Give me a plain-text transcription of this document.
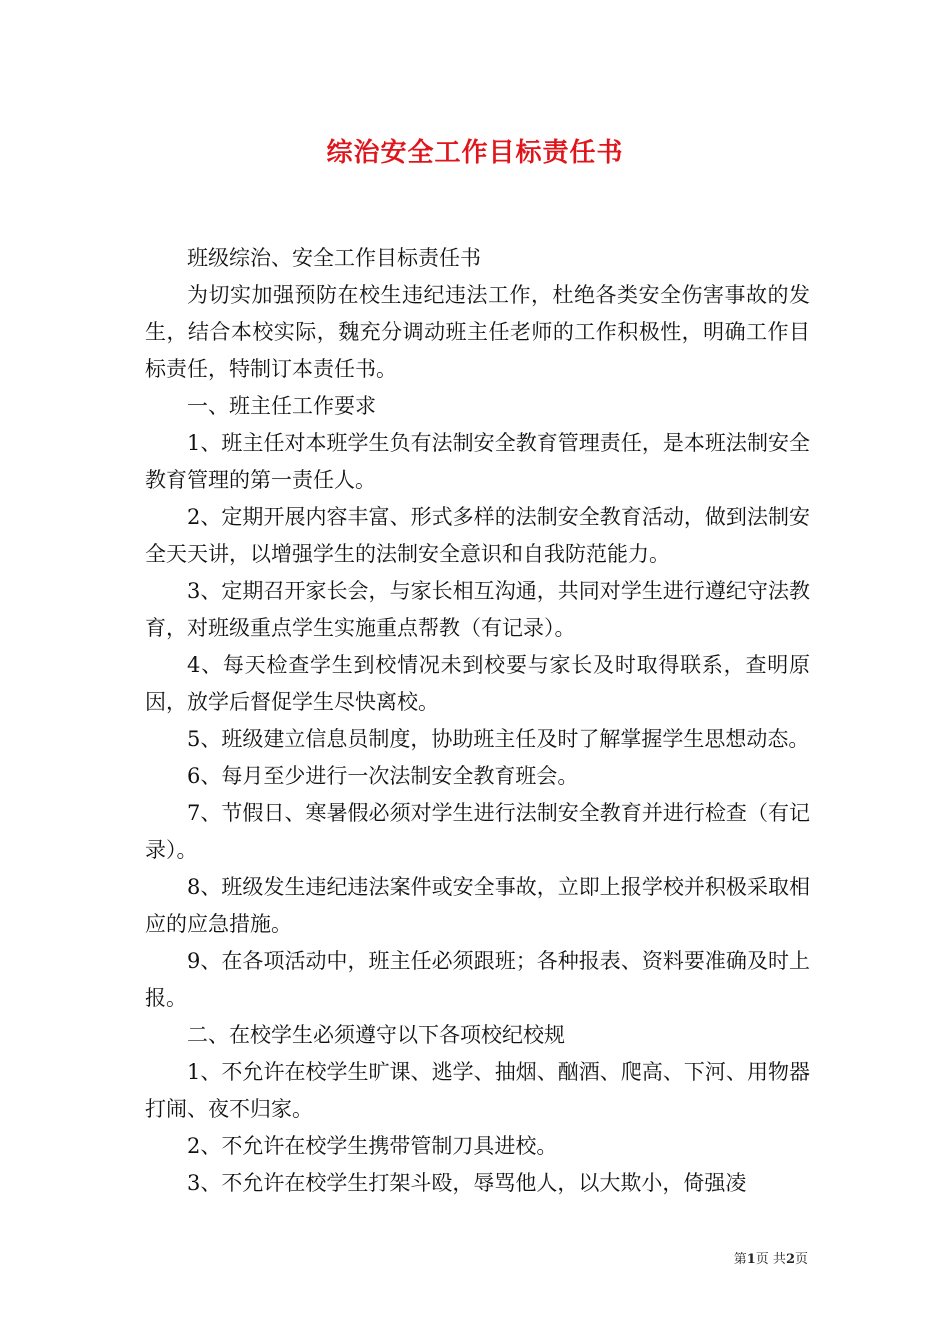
综治安全工作目标责任书

班级综治、安全工作目标责任书

为切实加强预防在校生违纪违法工作，杜绝各类安全伤害事故的发生，结合本校实际，魏充分调动班主任老师的工作积极性，明确工作目标责任，特制订本责任书。

一、班主任工作要求

1、班主任对本班学生负有法制安全教育管理责任，是本班法制安全教育管理的第一责任人。

2、定期开展内容丰富、形式多样的法制安全教育活动，做到法制安全天天讲，以增强学生的法制安全意识和自我防范能力。

3、定期召开家长会，与家长相互沟通，共同对学生进行遵纪守法教育，对班级重点学生实施重点帮教（有记录）。

4、每天检查学生到校情况未到校要与家长及时取得联系，查明原因，放学后督促学生尽快离校。

5、班级建立信息员制度，协助班主任及时了解掌握学生思想动态。

6、每月至少进行一次法制安全教育班会。

7、节假日、寒暑假必须对学生进行法制安全教育并进行检查（有记录）。

8、班级发生违纪违法案件或安全事故，立即上报学校并积极采取相应的应急措施。

9、在各项活动中，班主任必须跟班；各种报表、资料要准确及时上报。

二、在校学生必须遵守以下各项校纪校规

1、不允许在校学生旷课、逃学、抽烟、酗酒、爬高、下河、用物器打闹、夜不归家。

2、不允许在校学生携带管制刀具进校。

3、不允许在校学生打架斗殴，辱骂他人，以大欺小，倚强凌

第1页 共2页
